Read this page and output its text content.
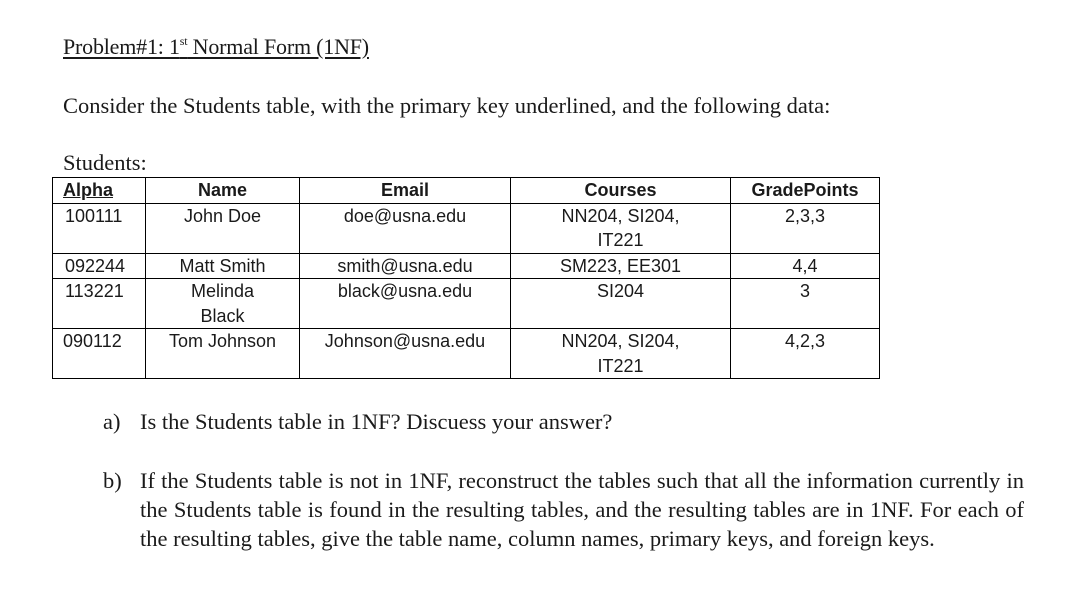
Problem#1: 1st Normal Form (1NF)
Consider the Students table, with the primary key underlined, and the following data:
Students:
Alpha	Name	Email	Courses	GradePoints
100111	John Doe	doe@usna.edu	NN204, SI204, IT221	2,3,3
092244	Matt Smith	smith@usna.edu	SM223, EE301	4,4
113221	Melinda Black	black@usna.edu	SI204	3
090112	Tom Johnson	Johnson@usna.edu	NN204, SI204, IT221	4,2,3
a) Is the Students table in 1NF? Discuess your answer?
b) If the Students table is not in 1NF, reconstruct the tables such that all the information currently in the Students table is found in the resulting tables, and the resulting tables are in 1NF. For each of the resulting tables, give the table name, column names, primary keys, and foreign keys.
